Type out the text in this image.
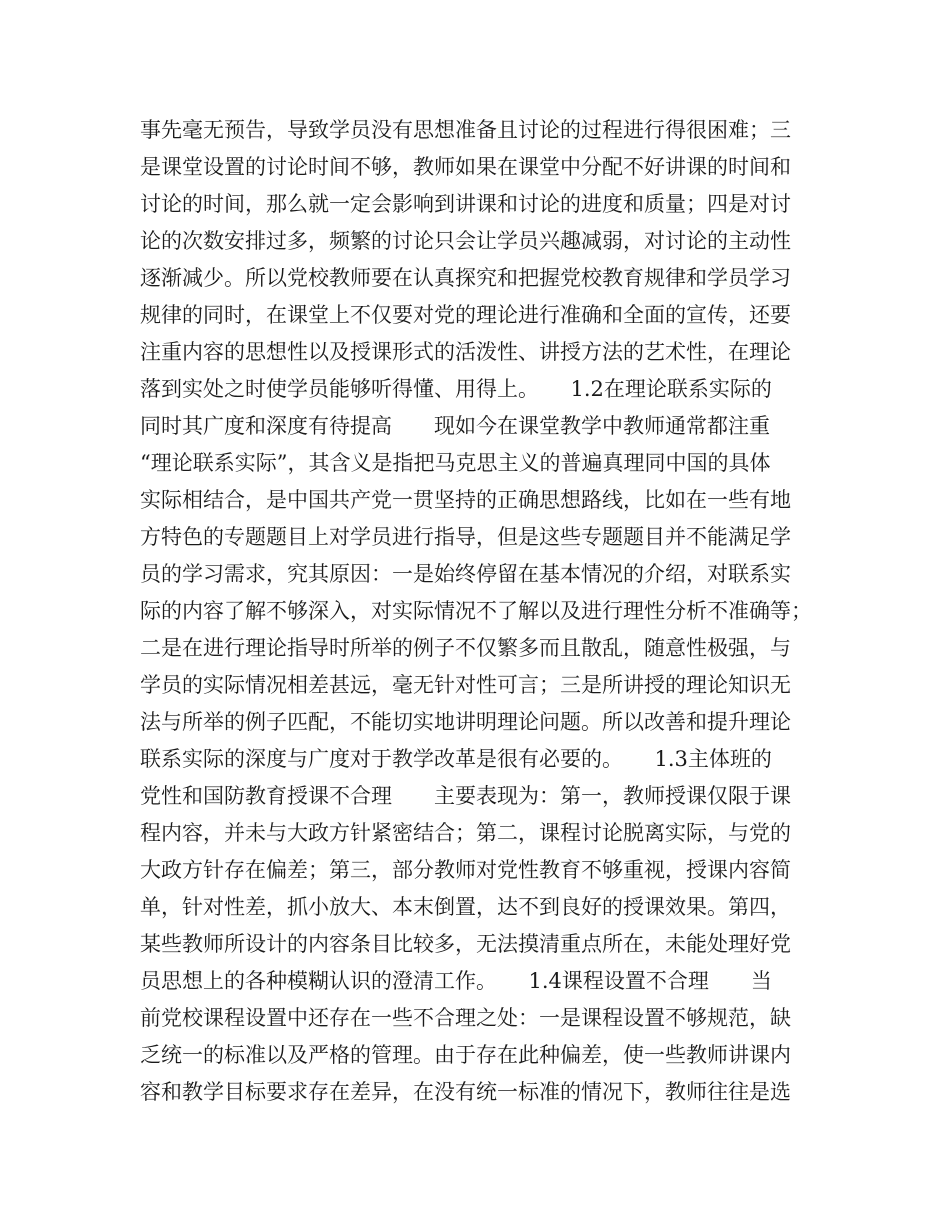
事先毫无预告，导致学员没有思想准备且讨论的过程进行得很困难；三
是课堂设置的讨论时间不够，教师如果在课堂中分配不好讲课的时间和
讨论的时间，那么就一定会影响到讲课和讨论的进度和质量；四是对讨
论的次数安排过多，频繁的讨论只会让学员兴趣减弱，对讨论的主动性
逐渐减少。所以党校教师要在认真探究和把握党校教育规律和学员学习
规律的同时，在课堂上不仅要对党的理论进行准确和全面的宣传，还要
注重内容的思想性以及授课形式的活泼性、讲授方法的艺术性，在理论
落到实处之时使学员能够听得懂、用得上。　　1.2在理论联系实际的
同时其广度和深度有待提高　　现如今在课堂教学中教师通常都注重
“理论联系实际”，其含义是指把马克思主义的普遍真理同中国的具体
实际相结合，是中国共产党一贯坚持的正确思想路线，比如在一些有地
方特色的专题题目上对学员进行指导，但是这些专题题目并不能满足学
员的学习需求，究其原因：一是始终停留在基本情况的介绍，对联系实
际的内容了解不够深入，对实际情况不了解以及进行理性分析不准确等；
二是在进行理论指导时所举的例子不仅繁多而且散乱，随意性极强，与
学员的实际情况相差甚远，毫无针对性可言；三是所讲授的理论知识无
法与所举的例子匹配，不能切实地讲明理论问题。所以改善和提升理论
联系实际的深度与广度对于教学改革是很有必要的。　　1.3主体班的
党性和国防教育授课不合理　　主要表现为：第一，教师授课仅限于课
程内容，并未与大政方针紧密结合；第二，课程讨论脱离实际，与党的
大政方针存在偏差；第三，部分教师对党性教育不够重视，授课内容简
单，针对性差，抓小放大、本末倒置，达不到良好的授课效果。第四，
某些教师所设计的内容条目比较多，无法摸清重点所在，未能处理好党
员思想上的各种模糊认识的澄清工作。　　1.4课程设置不合理　　当
前党校课程设置中还存在一些不合理之处：一是课程设置不够规范，缺
乏统一的标准以及严格的管理。由于存在此种偏差，使一些教师讲课内
容和教学目标要求存在差异，在没有统一标准的情况下，教师往往是选
